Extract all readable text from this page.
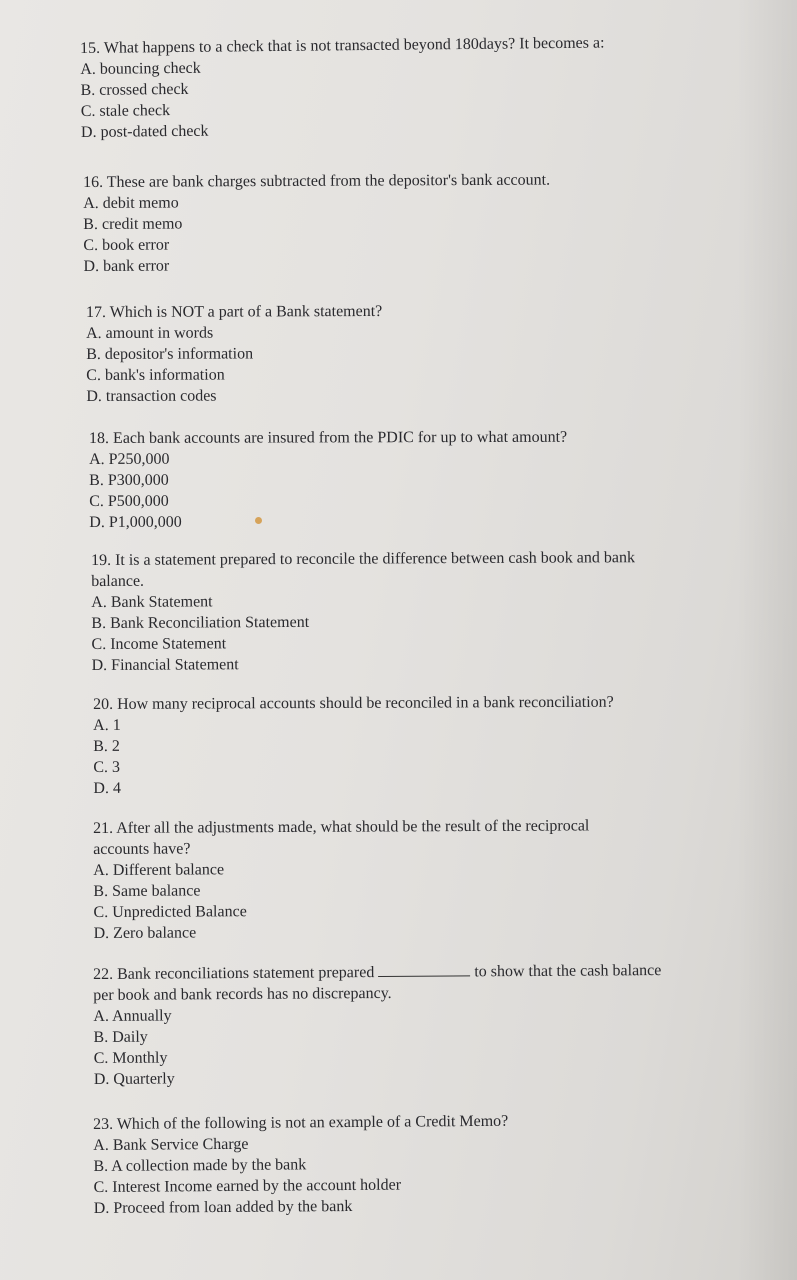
15. What happens to a check that is not transacted beyond 180days? It becomes a:

A. bouncing check

B. crossed check

C. stale check

D. post-dated check

16. These are bank charges subtracted from the depositor's bank account.

A. debit memo

B. credit memo

C. book error

D. bank error

17. Which is NOT a part of a Bank statement?

A. amount in words

B. depositor's information

C. bank's information

D. transaction codes

18. Each bank accounts are insured from the PDIC for up to what amount?

A. P250,000

B. P300,000

C. P500,000

D. P1,000,000

19. It is a statement prepared to reconcile the difference between cash book and bank

balance.

A. Bank Statement

B. Bank Reconciliation Statement

C. Income Statement

D. Financial Statement

20. How many reciprocal accounts should be reconciled in a bank reconciliation?

A. 1

B. 2

C. 3

D. 4

21. After all the adjustments made, what should be the result of the reciprocal

accounts have?

A. Different balance

B. Same balance

C. Unpredicted Balance

D. Zero balance

22. Bank reconciliations statement prepared	to show that the cash balance

per book and bank records has no discrepancy.

A. Annually

B. Daily

C. Monthly

D. Quarterly

23. Which of the following is not an example of a Credit Memo?

A. Bank Service Charge

B. A collection made by the bank

C. Interest Income earned by the account holder

D. Proceed from loan added by the bank
